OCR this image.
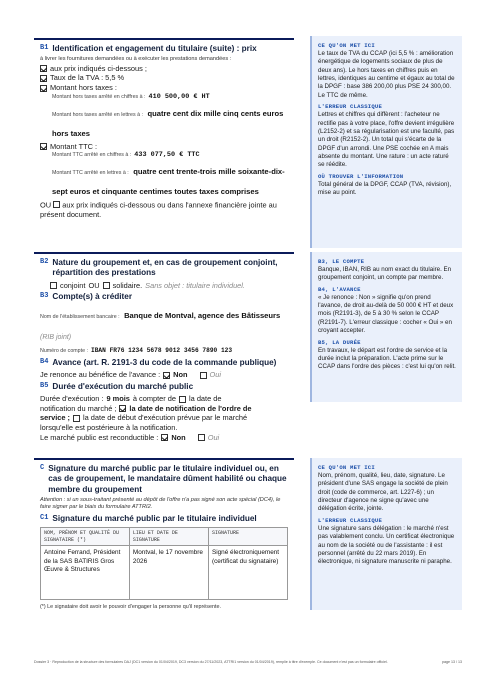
B1 Identification et engagement du titulaire (suite) : prix
à livrer les fournitures demandées ou à exécuter les prestations demandées :
aux prix indiqués ci-dessous ;
Taux de la TVA : 5,5 %
Montant hors taxes :
Montant hors taxes arrêté en chiffres à : 410 500,00 € HT
Montant hors taxes arrêté en lettres à : quatre cent dix mille cinq cents euros hors taxes
Montant TTC :
Montant TTC arrêté en chiffres à : 433 077,50 € TTC
Montant TTC arrêté en lettres à : quatre cent trente-trois mille soixante-dix-sept euros et cinquante centimes toutes taxes comprises
OU aux prix indiqués ci-dessous ou dans l'annexe financière jointe au présent document.
CE QU'ON MET ICI
Le taux de TVA du CCAP (ici 5,5 % : amélioration énergétique de logements sociaux de plus de deux ans). Le hors taxes en chiffres puis en lettres, identiques au centime et égaux au total de la DPGF : base 386 200,00 plus PSE 24 300,00. Le TTC de même.
L'ERREUR CLASSIQUE
Lettres et chiffres qui diffèrent : l'acheteur ne rectifie pas à votre place, l'offre devient irrégulière (L2152-2) et sa régularisation est une faculté, pas un droit (R2152-2). Un total qui s'écarte de la DPGF d'un arrondi. Une PSE cochée en A mais absente du montant. Une rature : un acte raturé se réédite.
OÙ TROUVER L'INFORMATION
Total général de la DPGF, CCAP (TVA, révision), mise au point.
B2 Nature du groupement et, en cas de groupement conjoint, répartition des prestations
conjoint OU solidaire. Sans objet : titulaire individuel.
B3 Compte(s) à créditer
Nom de l'établissement bancaire : Banque de Montval, agence des Bâtisseurs (RIB joint)
Numéro de compte : IBAN FR76 1234 5678 9012 3456 7890 123
B4 Avance (art. R. 2191-3 du code de la commande publique)
Je renonce au bénéfice de l'avance : Non	Oui
B5 Durée d'exécution du marché public
Durée d'exécution : 9 mois à compter de la date de
notification du marché ; la date de notification de l'ordre de
service ; la date de début d'exécution prévue par le marché
lorsqu'elle est postérieure à la notification.
Le marché public est reconductible : Non	Oui
B3, LE COMPTE
Banque, IBAN, RIB au nom exact du titulaire. En groupement conjoint, un compte par membre.
B4, L'AVANCE
« Je renonce : Non » signifie qu'on prend l'avance, de droit au-delà de 50 000 € HT et deux mois (R2191-3), de 5 à 30 % selon le CCAP (R2191-7). L'erreur classique : cocher « Oui » en croyant accepter.
B5, LA DURÉE
En travaux, le départ est l'ordre de service et la durée inclut la préparation. L'acte prime sur le CCAP dans l'ordre des pièces : c'est lui qu'on relit.
C Signature du marché public par le titulaire individuel ou, en cas de groupement, le mandataire dûment habilité ou chaque membre du groupement
Attention : si un sous-traitant présenté au dépôt de l'offre n'a pas signé son acte spécial (DC4), le faire signer par le biais du formulaire ATTRI2.
C1 Signature du marché public par le titulaire individuel
NOM, PRÉNOM ET QUALITÉ DU SIGNATAIRE (*)	LIEU ET DATE DE SIGNATURE	SIGNATURE
Antoine Ferrand, Président de la SAS BATIRIS Gros Œuvre & Structures	Montval, le 17 novembre 2026	Signé électroniquement (certificat du signataire)
(*) Le signataire doit avoir le pouvoir d'engager la personne qu'il représente.
CE QU'ON MET ICI
Nom, prénom, qualité, lieu, date, signature. Le président d'une SAS engage la société de plein droit (code de commerce, art. L227-6) ; un directeur d'agence ne signe qu'avec une délégation écrite, jointe.
L'ERREUR CLASSIQUE
Une signature sans délégation : le marché n'est pas valablement conclu. Un certificat électronique au nom de la société ou de l'assistante : il est personnel (arrêté du 22 mars 2019). En électronique, ni signature manuscrite ni paraphe.
Dossier 3 · Reproduction de la structure des formulaires DAJ (DC1 version du 01/04/2019, DC3 version du 27/11/2023, ATTRI1 version du 01/04/2019), remplie à titre d'exemple. Ce document n'est pas un formulaire officiel.	page 13 / 13
